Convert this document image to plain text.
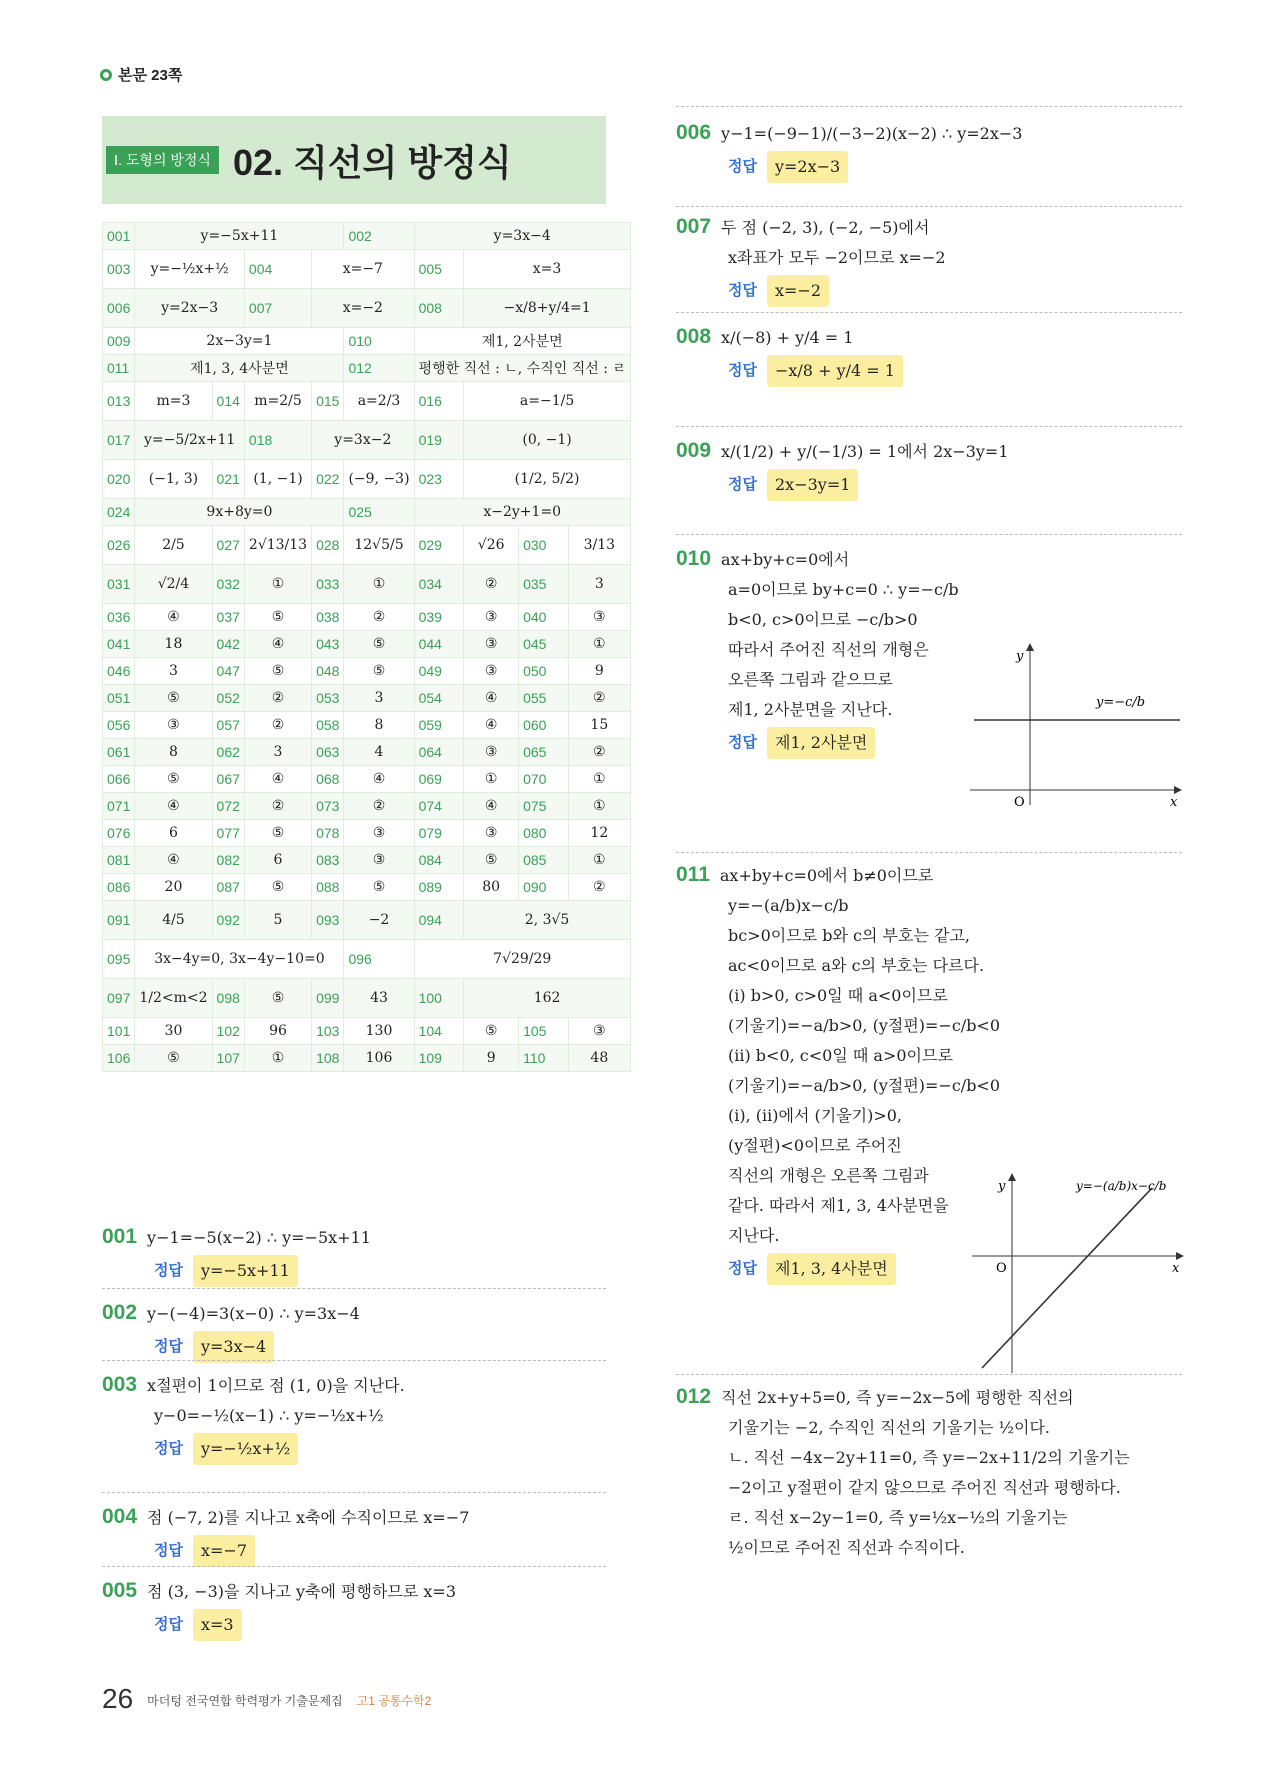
본문 23쪽
Ⅰ. 도형의 방정식 02. 직선의 방정식
001	y=−5x+11				002	y=3x−4			
003	y=−½x+½		004	x=−7		005	x=3		
006	y=2x−3		007	x=−2		008	−x/8+y/4=1		
009	2x−3y=1				010	제1, 2사분면			
011	제1, 3, 4사분면				012	평행한 직선 : ㄴ, 수직인 직선 : ㄹ			
013	m=3	014	m=2/5	015	a=2/3	016	a=−1/5		
017	y=−5/2x+11		018	y=3x−2		019	(0, −1)		
020	(−1, 3)	021	(1, −1)	022	(−9, −3)	023	(1/2, 5/2)		
024	9x+8y=0				025	x−2y+1=0			
026	2/5	027	2√13/13	028	12√5/5	029	√26	030	3/13
031	√2/4	032	①	033	①	034	②	035	3
036	④	037	⑤	038	②	039	③	040	③
041	18	042	④	043	⑤	044	③	045	①
046	3	047	⑤	048	⑤	049	③	050	9
051	⑤	052	②	053	3	054	④	055	②
056	③	057	②	058	8	059	④	060	15
061	8	062	3	063	4	064	③	065	②
066	⑤	067	④	068	④	069	①	070	①
071	④	072	②	073	②	074	④	075	①
076	6	077	⑤	078	③	079	③	080	12
081	④	082	6	083	③	084	⑤	085	①
086	20	087	⑤	088	⑤	089	80	090	②
091	4/5	092	5	093	−2	094	2, 3√5		
095	3x−4y=0, 3x−4y−10=0				096	7√29/29			
097	1/2<m<2	098	⑤	099	43	100	162		
101	30	102	96	103	130	104	⑤	105	③
106	⑤	107	①	108	106	109	9	110	48
001 y−1=−5(x−2) ∴ y=−5x+11
정답	y=−5x+11
002 y−(−4)=3(x−0) ∴ y=3x−4
정답	y=3x−4
003 x절편이 1이므로 점 (1, 0)을 지난다.
y−0=−½(x−1) ∴ y=−½x+½
정답	y=−½x+½
004 점 (−7, 2)를 지나고 x축에 수직이므로 x=−7
정답	x=−7
005 점 (3, −3)을 지나고 y축에 평행하므로 x=3
정답	x=3
006 y−1=(−9−1)/(−3−2)(x−2) ∴ y=2x−3
정답	y=2x−3
007 두 점 (−2, 3), (−2, −5)에서
x좌표가 모두 −2이므로 x=−2
정답	x=−2
008 x/(−8) + y/4 = 1
정답	−x/8 + y/4 = 1
009 x/(1/2) + y/(−1/3) = 1에서 2x−3y=1
정답	2x−3y=1
010 ax+by+c=0에서
a=0이므로 by+c=0 ∴ y=−c/b
b<0, c>0이므로 −c/b>0
따라서 주어진 직선의 개형은
오른쪽 그림과 같으므로
제1, 2사분면을 지난다.
정답	제1, 2사분면
011 ax+by+c=0에서 b≠0이므로
y=−(a/b)x−c/b
bc>0이므로 b와 c의 부호는 같고,
ac<0이므로 a와 c의 부호는 다르다.
(i) b>0, c>0일 때 a<0이므로
(기울기)=−a/b>0, (y절편)=−c/b<0
(ii) b<0, c<0일 때 a>0이므로
(기울기)=−a/b>0, (y절편)=−c/b<0
(i), (ii)에서 (기울기)>0,
(y절편)<0이므로 주어진
직선의 개형은 오른쪽 그림과
같다. 따라서 제1, 3, 4사분면을
지난다.
정답	제1, 3, 4사분면
012 직선 2x+y+5=0, 즉 y=−2x−5에 평행한 직선의
기울기는 −2, 수직인 직선의 기울기는 ½이다.
ㄴ. 직선 −4x−2y+11=0, 즉 y=−2x+11/2의 기울기는
−2이고 y절편이 같지 않으므로 주어진 직선과 평행하다.
ㄹ. 직선 x−2y−1=0, 즉 y=½x−½의 기울기는
½이므로 주어진 직선과 수직이다.
y
x
O
y=−c/b
y
x
O
y=−(a/b)x−c/b
26 마더텅 전국연합 학력평가 기출문제집 고1 공통수학2
